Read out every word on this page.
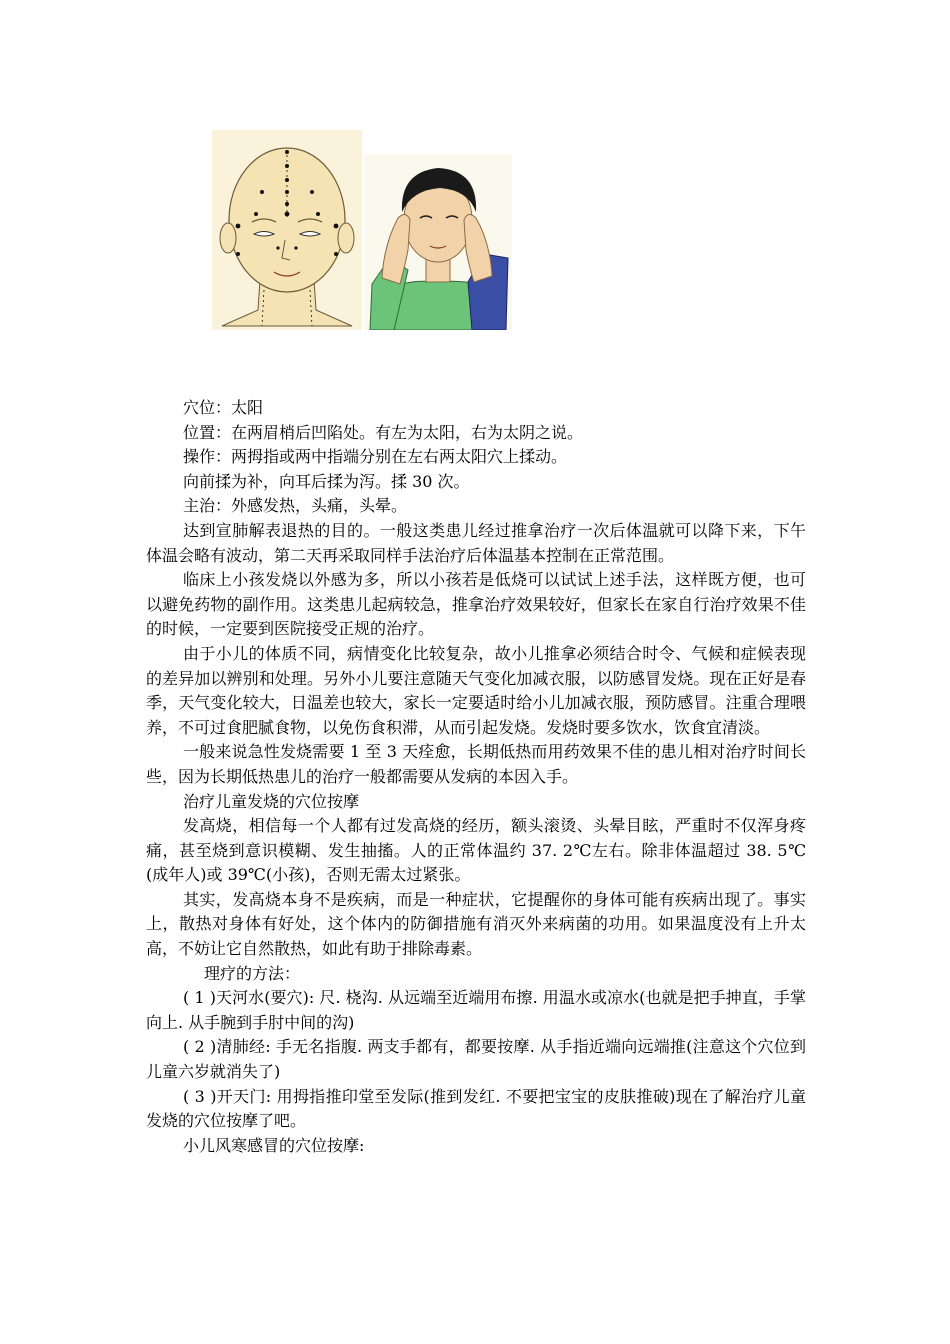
穴位：太阳

位置：在两眉梢后凹陷处。有左为太阳，右为太阴之说。

操作：两拇指或两中指端分别在左右两太阳穴上揉动。

向前揉为补，向耳后揉为泻。揉 30 次。

主治：外感发热，头痛，头晕。

达到宣肺解表退热的目的。一般这类患儿经过推拿治疗一次后体温就可以降下来，下午体温会略有波动，第二天再采取同样手法治疗后体温基本控制在正常范围。

临床上小孩发烧以外感为多，所以小孩若是低烧可以试试上述手法，这样既方便，也可以避免药物的副作用。这类患儿起病较急，推拿治疗效果较好，但家长在家自行治疗效果不佳的时候，一定要到医院接受正规的治疗。

由于小儿的体质不同，病情变化比较复杂，故小儿推拿必须结合时令、气候和症候表现的差异加以辨别和处理。另外小儿要注意随天气变化加减衣服，以防感冒发烧。现在正好是春季，天气变化较大，日温差也较大，家长一定要适时给小儿加减衣服，预防感冒。注重合理喂养，不可过食肥腻食物，以免伤食积滞，从而引起发烧。发烧时要多饮水，饮食宜清淡。

一般来说急性发烧需要 1 至 3 天痊愈，长期低热而用药效果不佳的患儿相对治疗时间长些，因为长期低热患儿的治疗一般都需要从发病的本因入手。

治疗儿童发烧的穴位按摩

发高烧，相信每一个人都有过发高烧的经历，额头滚烫、头晕目眩，严重时不仅浑身疼痛，甚至烧到意识模糊、发生抽搐。人的正常体温约 37. 2℃左右。除非体温超过 38. 5℃(成年人)或 39℃(小孩)，否则无需太过紧张。

其实，发高烧本身不是疾病，而是一种症状，它提醒你的身体可能有疾病出现了。事实上，散热对身体有好处，这个体内的防御措施有消灭外来病菌的功用。如果温度没有上升太高，不妨让它自然散热，如此有助于排除毒素。

理疗的方法：

( 1 )天河水(要穴): 尺. 桡沟. 从远端至近端用布擦. 用温水或凉水(也就是把手抻直，手掌向上. 从手腕到手肘中间的沟)

( 2 )清肺经: 手无名指腹. 两支手都有，都要按摩. 从手指近端向远端推(注意这个穴位到儿童六岁就消失了)

( 3 )开天门: 用拇指推印堂至发际(推到发红. 不要把宝宝的皮肤推破)现在了解治疗儿童发烧的穴位按摩了吧。

小儿风寒感冒的穴位按摩:
